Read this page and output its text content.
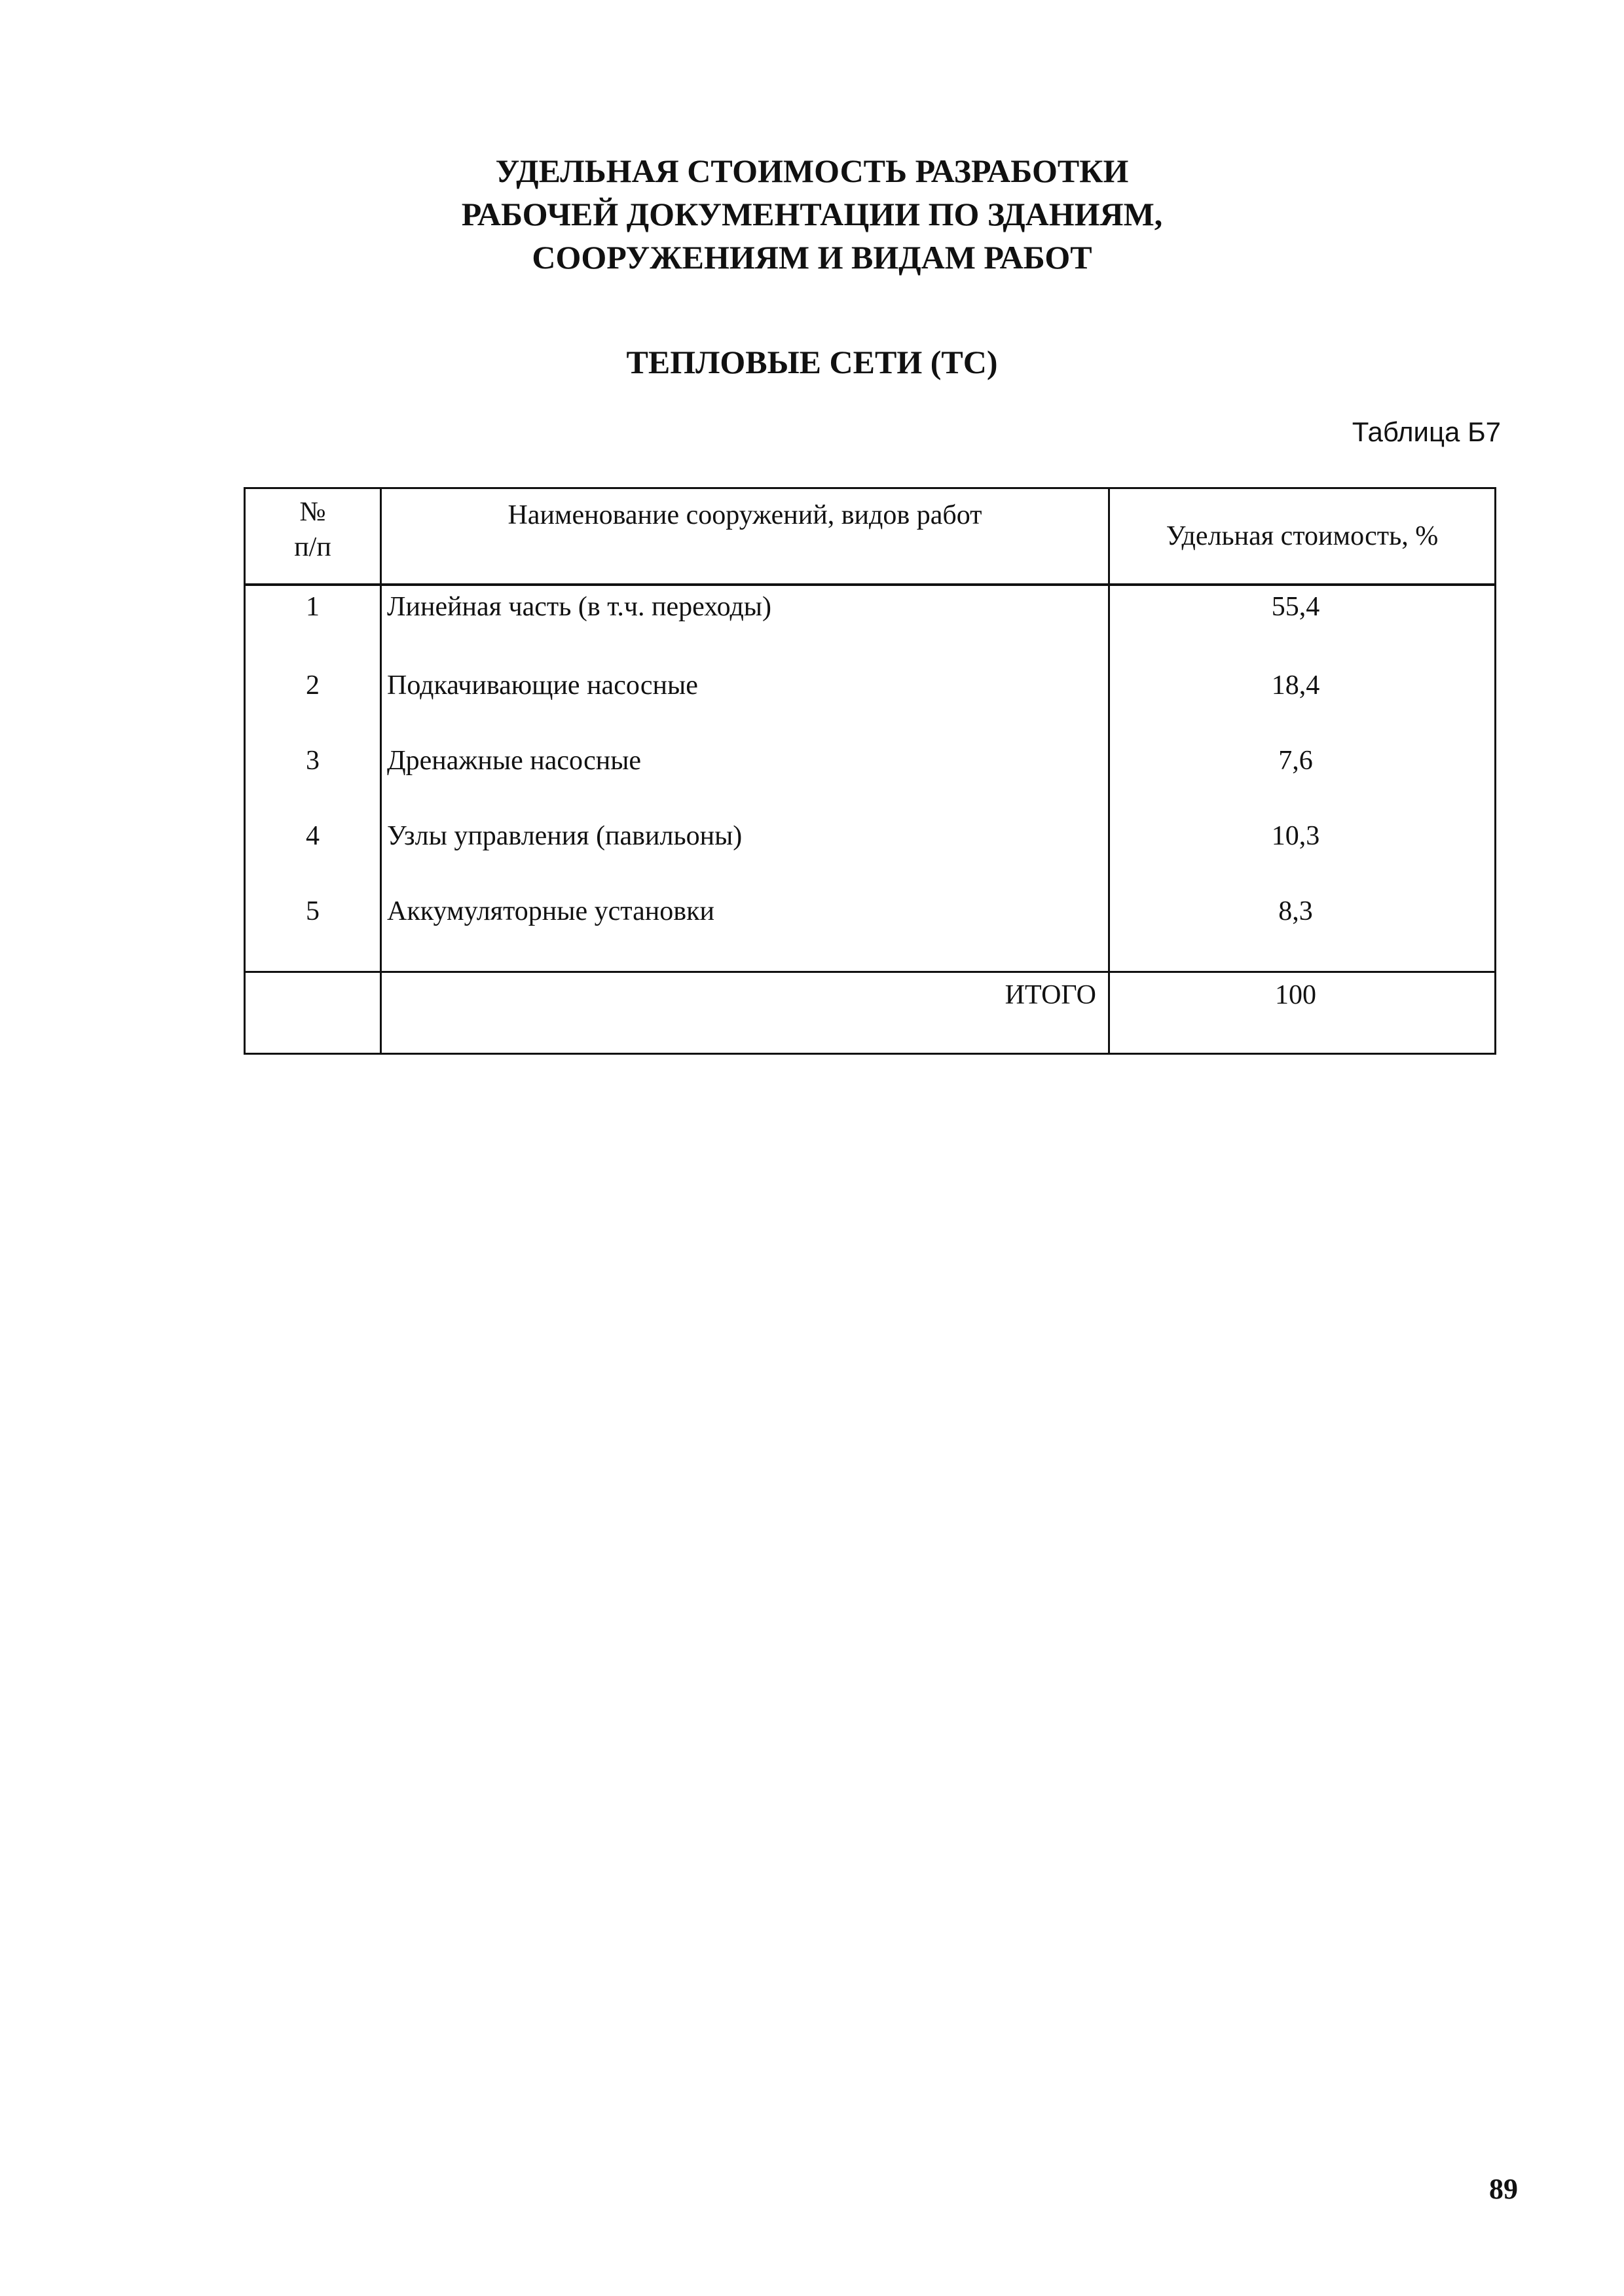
УДЕЛЬНАЯ СТОИМОСТЬ РАЗРАБОТКИ
РАБОЧЕЙ ДОКУМЕНТАЦИИ ПО ЗДАНИЯМ,
СООРУЖЕНИЯМ И ВИДАМ РАБОТ
ТЕПЛОВЫЕ СЕТИ (ТС)
Таблица Б7
№
п/п	Наименование сооружений, видов работ	Удельная стоимость, %
1	Линейная часть (в т.ч. переходы)	55,4
2	Подкачивающие насосные	18,4
3	Дренажные насосные	7,6
4	Узлы управления (павильоны)	10,3
5	Аккумуляторные установки	8,3
	ИТОГО	100
89
